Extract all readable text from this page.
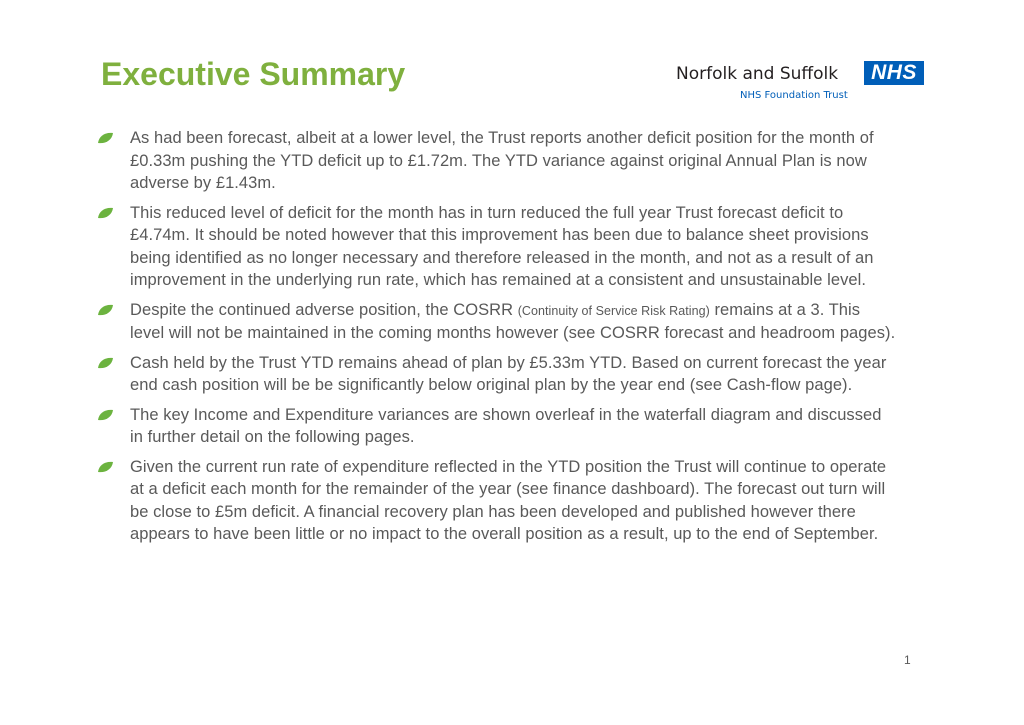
Executive Summary	Norfolk and Suffolk	NHS
NHS Foundation Trust
As had been forecast, albeit at a lower level, the Trust reports another deficit position for the month of £0.33m pushing the YTD deficit up to £1.72m. The YTD variance against original Annual Plan is now adverse by £1.43m.
This reduced level of deficit for the month has in turn reduced the full year Trust forecast deficit to £4.74m. It should be noted however that this improvement has been due to balance sheet provisions being identified as no longer necessary and therefore released in the month, and not as a result of an improvement in the underlying run rate, which has remained at a consistent and unsustainable level.
Despite the continued adverse position, the COSRR (Continuity of Service Risk Rating) remains at a 3. This level will not be maintained in the coming months however (see COSRR forecast and headroom pages).
Cash held by the Trust YTD remains ahead of plan by £5.33m YTD. Based on current forecast the year end cash position will be be significantly below original plan by the year end (see Cash-flow page).
The key Income and Expenditure variances are shown overleaf in the waterfall diagram and discussed in further detail on the following pages.
Given the current run rate of expenditure reflected in the YTD position the Trust will continue to operate at a deficit each month for the remainder of the year (see finance dashboard). The forecast out turn will be close to £5m deficit. A financial recovery plan has been developed and published however there appears to have been little or no impact to the overall position as a result, up to the end of September.
1
